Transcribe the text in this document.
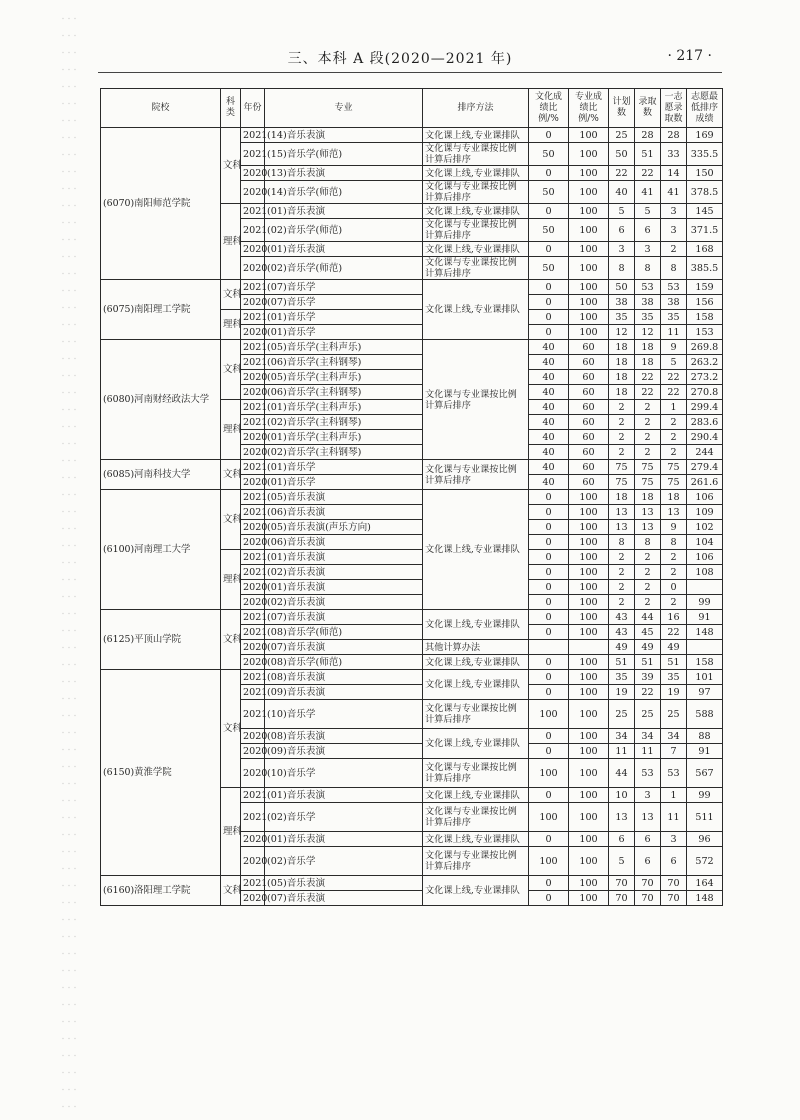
三、本科 A 段(2020—2021 年)	· 217 ·
院校	科类	年份	专业	排序方法	文化成绩比例/%	专业成绩比例/%	计划数	录取数	一志愿录取数	志愿最低排序成绩
(6070)南阳师范学院	文科	2021	(14)音乐表演	文化课上线,专业课排队	0	100	25	28	28	169
		2021	(15)音乐学(师范)	文化课与专业课按比例计算后排序	50	100	50	51	33	335.5
		2020	(13)音乐表演	文化课上线,专业课排队	0	100	22	22	14	150
		2020	(14)音乐学(师范)	文化课与专业课按比例计算后排序	50	100	40	41	41	378.5
	理科	2021	(01)音乐表演	文化课上线,专业课排队	0	100	5	5	3	145
		2021	(02)音乐学(师范)	文化课与专业课按比例计算后排序	50	100	6	6	3	371.5
		2020	(01)音乐表演	文化课上线,专业课排队	0	100	3	3	2	168
		2020	(02)音乐学(师范)	文化课与专业课按比例计算后排序	50	100	8	8	8	385.5
(6075)南阳理工学院	文科	2021	(07)音乐学	文化课上线,专业课排队	0	100	50	53	53	159
		2020	(07)音乐学		0	100	38	38	38	156
	理科	2021	(01)音乐学		0	100	35	35	35	158
		2020	(01)音乐学		0	100	12	12	11	153
(6080)河南财经政法大学	文科	2021	(05)音乐学(主科声乐)	文化课与专业课按比例计算后排序	40	60	18	18	9	269.8
		2021	(06)音乐学(主科钢琴)		40	60	18	18	5	263.2
		2020	(05)音乐学(主科声乐)		40	60	18	22	22	273.2
		2020	(06)音乐学(主科钢琴)		40	60	18	22	22	270.8
	理科	2021	(01)音乐学(主科声乐)		40	60	2	2	1	299.4
		2021	(02)音乐学(主科钢琴)		40	60	2	2	2	283.6
		2020	(01)音乐学(主科声乐)		40	60	2	2	2	290.4
		2020	(02)音乐学(主科钢琴)		40	60	2	2	2	244
(6085)河南科技大学	文科	2021	(01)音乐学	文化课与专业课按比例计算后排序	40	60	75	75	75	279.4
		2020	(01)音乐学		40	60	75	75	75	261.6
(6100)河南理工大学	文科	2021	(05)音乐表演	文化课上线,专业课排队	0	100	18	18	18	106
		2021	(06)音乐表演		0	100	13	13	13	109
		2020	(05)音乐表演(声乐方向)		0	100	13	13	9	102
		2020	(06)音乐表演		0	100	8	8	8	104
	理科	2021	(01)音乐表演		0	100	2	2	2	106
		2021	(02)音乐表演		0	100	2	2	2	108
		2020	(01)音乐表演		0	100	2	2	0	
		2020	(02)音乐表演		0	100	2	2	2	99
(6125)平顶山学院	文科	2021	(07)音乐表演	文化课上线,专业课排队	0	100	43	44	16	91
		2021	(08)音乐学(师范)		0	100	43	45	22	148
		2020	(07)音乐表演	其他计算办法			49	49	49	
		2020	(08)音乐学(师范)	文化课上线,专业课排队	0	100	51	51	51	158
(6150)黄淮学院	文科	2021	(08)音乐表演	文化课上线,专业课排队	0	100	35	39	35	101
		2021	(09)音乐表演		0	100	19	22	19	97
		2021	(10)音乐学	文化课与专业课按比例计算后排序	100	100	25	25	25	588
		2020	(08)音乐表演	文化课上线,专业课排队	0	100	34	34	34	88
		2020	(09)音乐表演		0	100	11	11	7	91
		2020	(10)音乐学	文化课与专业课按比例计算后排序	100	100	44	53	53	567
	理科	2021	(01)音乐表演	文化课上线,专业课排队	0	100	10	3	1	99
		2021	(02)音乐学	文化课与专业课按比例计算后排序	100	100	13	13	11	511
		2020	(01)音乐表演	文化课上线,专业课排队	0	100	6	6	3	96
		2020	(02)音乐学	文化课与专业课按比例计算后排序	100	100	5	6	6	572
(6160)洛阳理工学院	文科	2021	(05)音乐表演	文化课上线,专业课排队	0	100	70	70	70	164
		2020	(07)音乐表演		0	100	70	70	70	148
